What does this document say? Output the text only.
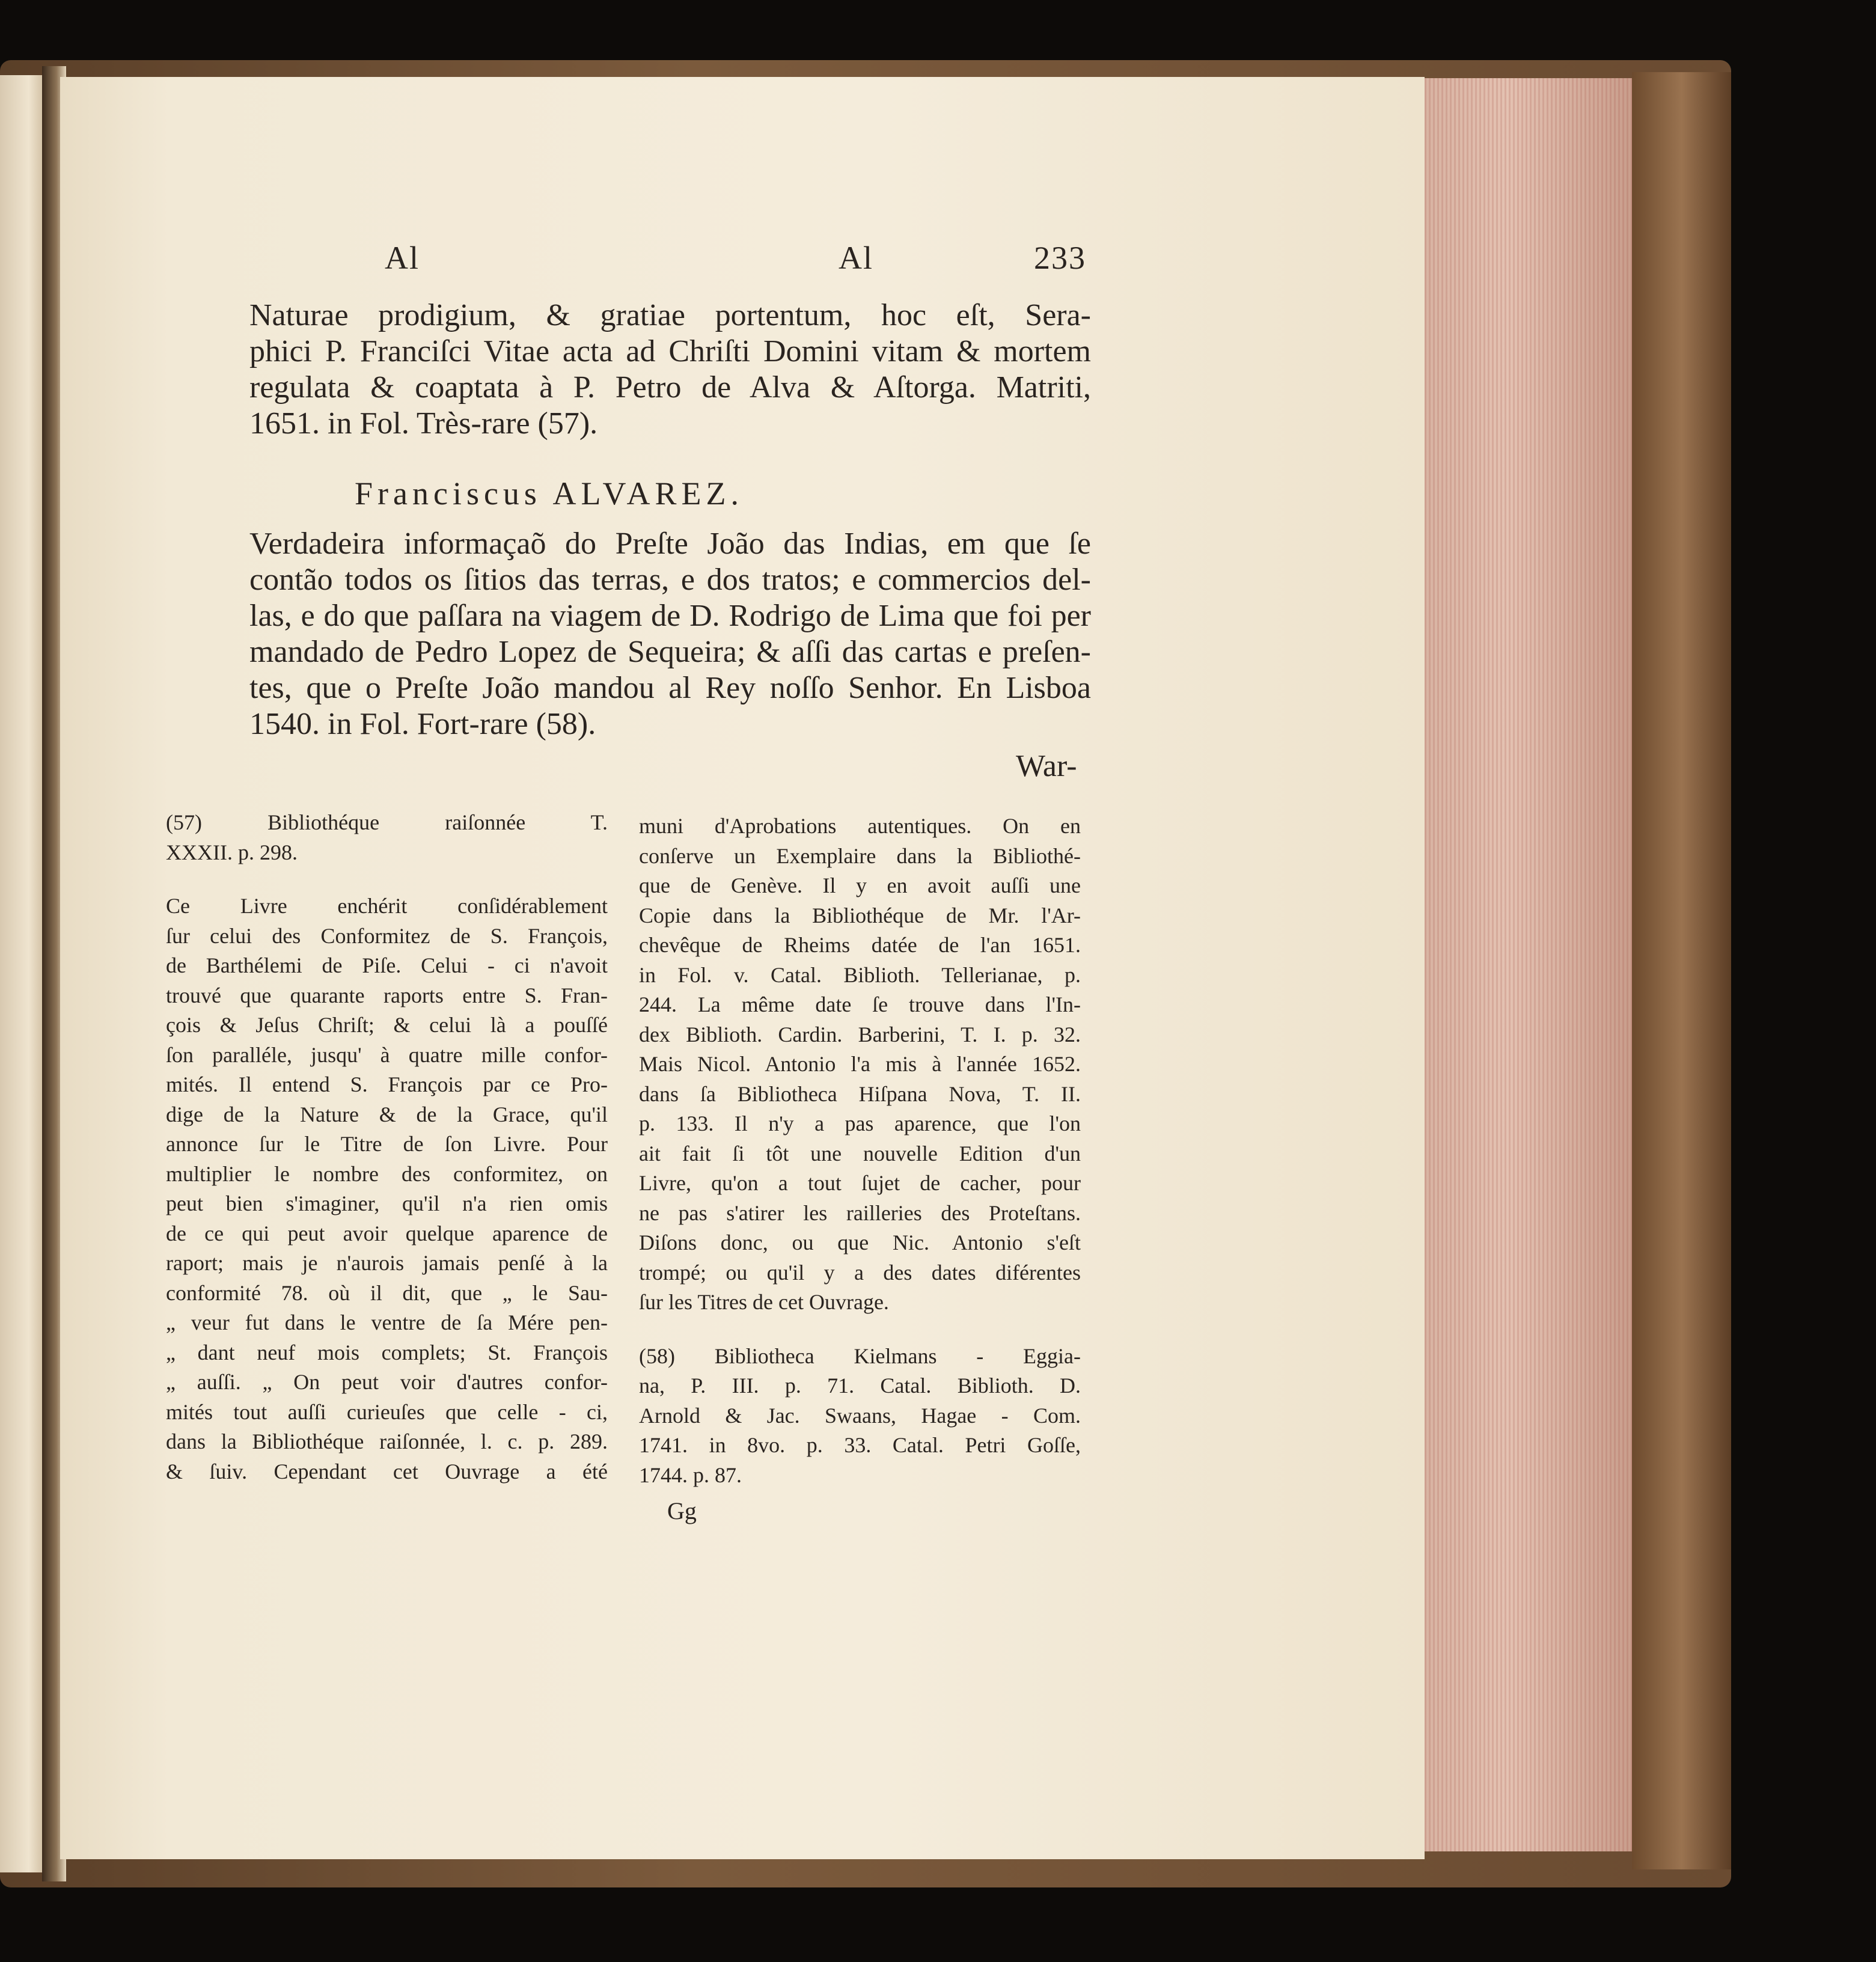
Al	Al	233
Naturae prodigium, & gratiae portentum, hoc eſt, Sera-
phici P. Franciſci Vitae acta ad Chriſti Domini vitam & mortem
regulata & coaptata à P. Petro de Alva & Aſtorga. Matriti,
1651. in Fol. Très-rare (57).
Franciscus ALVAREZ.
Verdadeira informaçaõ do Preſte João das Indias, em que ſe
contão todos os ſitios das terras, e dos tratos; e commercios del-
las, e do que paſſara na viagem de D. Rodrigo de Lima que foi per
mandado de Pedro Lopez de Sequeira; & aſſi das cartas e preſen-
tes, que o Preſte João mandou al Rey noſſo Senhor. En Lisboa
1540. in Fol. Fort-rare (58).
War-
(57) Bibliothéque raiſonnée T.
XXXII. p. 298.
Ce Livre enchérit conſidérablement
ſur celui des Conformitez de S. François,
de Barthélemi de Piſe. Celui - ci n'avoit
trouvé que quarante raports entre S. Fran-
çois & Jeſus Chriſt; & celui là a pouſſé
ſon paralléle, jusqu' à quatre mille confor-
mités. Il entend S. François par ce Pro-
dige de la Nature & de la Grace, qu'il
annonce ſur le Titre de ſon Livre. Pour
multiplier le nombre des conformitez, on
peut bien s'imaginer, qu'il n'a rien omis
de ce qui peut avoir quelque aparence de
raport; mais je n'aurois jamais penſé à la
conformité 78. où il dit, que „ le Sau-
„ veur fut dans le ventre de ſa Mére pen-
„ dant neuf mois complets; St. François
„ auſſi. „ On peut voir d'autres confor-
mités tout auſſi curieuſes que celle - ci,
dans la Bibliothéque raiſonnée, l. c. p. 289.
& ſuiv. Cependant cet Ouvrage a été
muni d'Aprobations autentiques. On en
conſerve un Exemplaire dans la Bibliothé-
que de Genève. Il y en avoit auſſi une
Copie dans la Bibliothéque de Mr. l'Ar-
chevêque de Rheims datée de l'an 1651.
in Fol. v. Catal. Biblioth. Tellerianae, p.
244. La même date ſe trouve dans l'In-
dex Biblioth. Cardin. Barberini, T. I. p. 32.
Mais Nicol. Antonio l'a mis à l'année 1652.
dans ſa Bibliotheca Hiſpana Nova, T. II.
p. 133. Il n'y a pas aparence, que l'on
ait fait ſi tôt une nouvelle Edition d'un
Livre, qu'on a tout ſujet de cacher, pour
ne pas s'atirer les railleries des Proteſtans.
Diſons donc, ou que Nic. Antonio s'eſt
trompé; ou qu'il y a des dates diférentes
ſur les Titres de cet Ouvrage.
(58) Bibliotheca Kielmans - Eggia-
na, P. III. p. 71. Catal. Biblioth. D.
Arnold & Jac. Swaans, Hagae - Com.
1741. in 8vo. p. 33. Catal. Petri Goſſe,
1744. p. 87.
Gg
